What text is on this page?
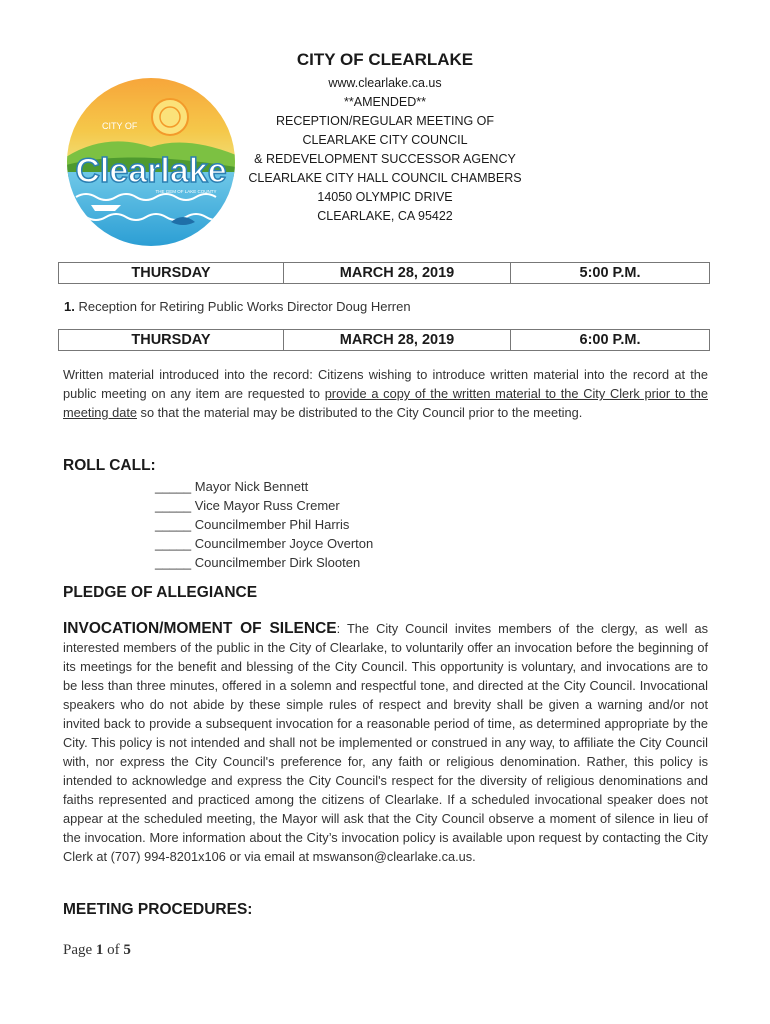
CITY OF
Clearlake
THE GEM OF LAKE COUNTY
CITY OF CLEARLAKE
www.clearlake.ca.us
**AMENDED**
RECEPTION/REGULAR MEETING OF
CLEARLAKE CITY COUNCIL
& REDEVELOPMENT SUCCESSOR AGENCY
CLEARLAKE CITY HALL COUNCIL CHAMBERS
14050 OLYMPIC DRIVE
CLEARLAKE, CA 95422
THURSDAY	MARCH 28, 2019	5:00 P.M.
1. Reception for Retiring Public Works Director Doug Herren
THURSDAY	MARCH 28, 2019	6:00 P.M.
Written material introduced into the record: Citizens wishing to introduce written material into the record at the public meeting on any item are requested to provide a copy of the written material to the City Clerk prior to the meeting date so that the material may be distributed to the City Council prior to the meeting.
ROLL CALL:
_____ Mayor Nick Bennett
_____ Vice Mayor Russ Cremer
_____ Councilmember Phil Harris
_____ Councilmember Joyce Overton
_____ Councilmember Dirk Slooten
PLEDGE OF ALLEGIANCE
INVOCATION/MOMENT OF SILENCE: The City Council invites members of the clergy, as well as interested members of the public in the City of Clearlake, to voluntarily offer an invocation before the beginning of its meetings for the benefit and blessing of the City Council. This opportunity is voluntary, and invocations are to be less than three minutes, offered in a solemn and respectful tone, and directed at the City Council. Invocational speakers who do not abide by these simple rules of respect and brevity shall be given a warning and/or not invited back to provide a subsequent invocation for a reasonable period of time, as determined appropriate by the City. This policy is not intended and shall not be implemented or construed in any way, to affiliate the City Council with, nor express the City Council's preference for, any faith or religious denomination. Rather, this policy is intended to acknowledge and express the City Council's respect for the diversity of religious denominations and faiths represented and practiced among the citizens of Clearlake. If a scheduled invocational speaker does not appear at the scheduled meeting, the Mayor will ask that the City Council observe a moment of silence in lieu of the invocation. More information about the City’s invocation policy is available upon request by contacting the City Clerk at (707) 994-8201x106 or via email at mswanson@clearlake.ca.us.
MEETING PROCEDURES:
Page 1 of 5
